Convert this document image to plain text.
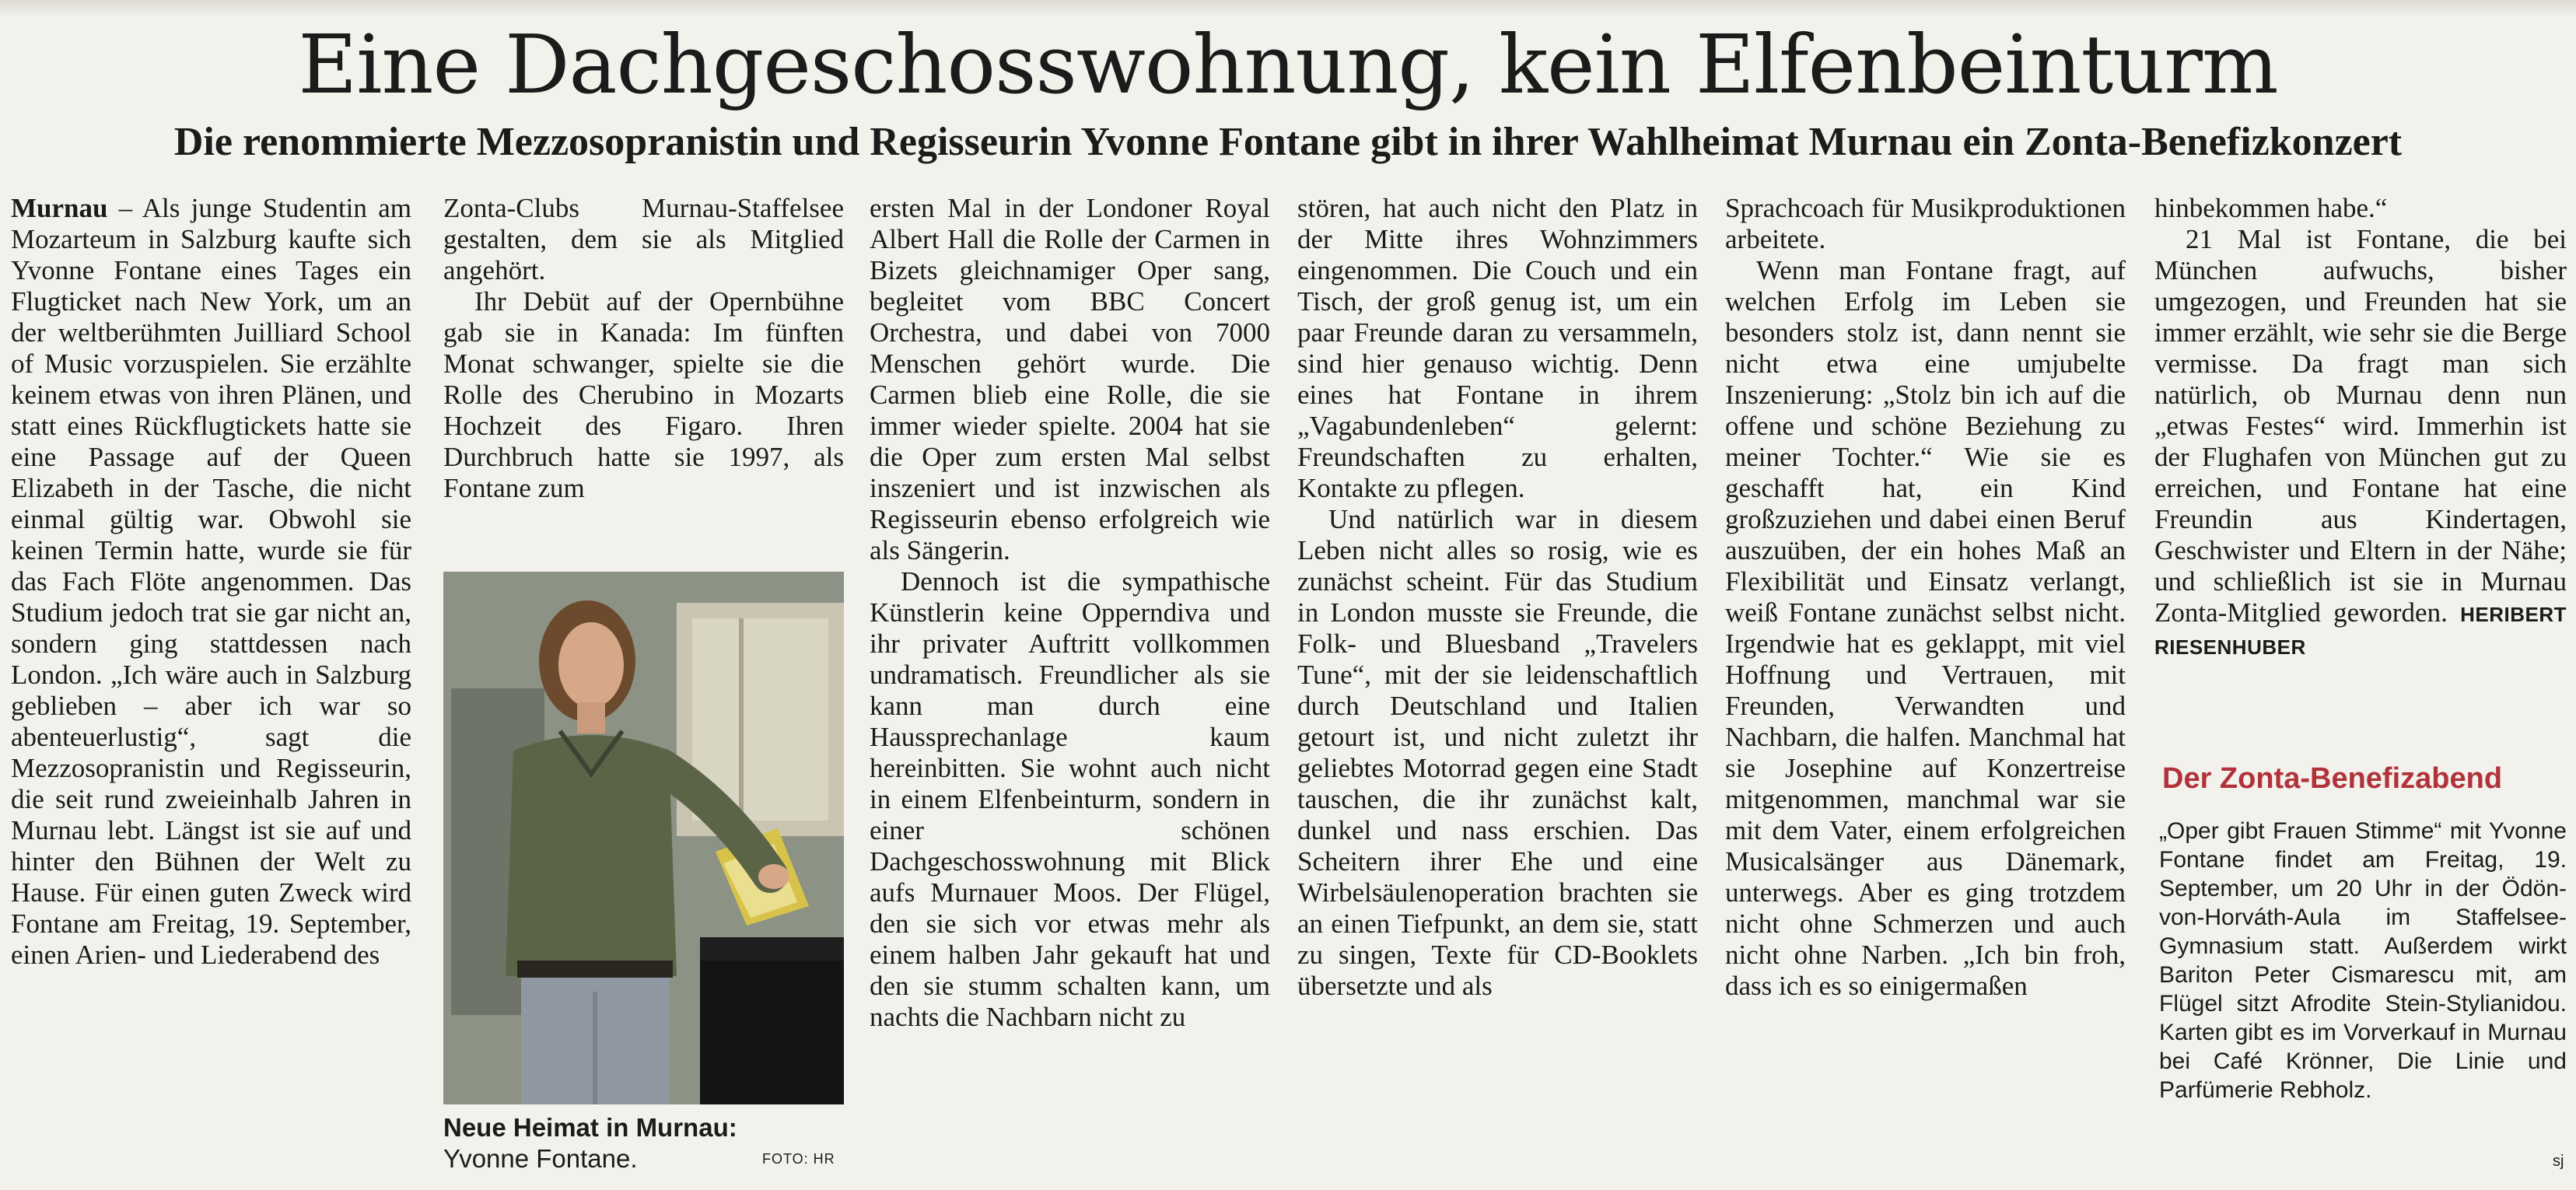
Eine Dachgeschosswohnung, kein Elfenbeinturm
Die renommierte Mezzosopranistin und Regisseurin Yvonne Fontane gibt in ihrer Wahlheimat Murnau ein Zonta-Benefizkonzert

Murnau – Als junge Studentin am Mozarteum in Salzburg kaufte sich Yvonne Fontane eines Tages ein Flugticket nach New York, um an der weltberühmten Juilliard School of Music vorzuspielen. Sie erzählte keinem etwas von ihren Plänen, und statt eines Rückflugtickets hatte sie eine Passage auf der Queen Elizabeth in der Tasche, die nicht einmal gültig war. Obwohl sie keinen Termin hatte, wurde sie für das Fach Flöte angenommen. Das Studium jedoch trat sie gar nicht an, sondern ging stattdessen nach London. „Ich wäre auch in Salzburg geblieben – aber ich war so abenteuerlustig“, sagt die Mezzosopranistin und Regisseurin, die seit rund zweieinhalb Jahren in Murnau lebt. Längst ist sie auf und hinter den Bühnen der Welt zu Hause. Für einen guten Zweck wird Fontane am Freitag, 19. September, einen Arien- und Liederabend des

Zonta-Clubs Murnau-Staffelsee gestalten, dem sie als Mitglied angehört.

Ihr Debüt auf der Opernbühne gab sie in Kanada: Im fünften Monat schwanger, spielte sie die Rolle des Cherubino in Mozarts Hochzeit des Figaro. Ihren Durchbruch hatte sie 1997, als Fontane zum

Neue Heimat in Murnau:
Yvonne Fontane.	FOTO: HR

ersten Mal in der Londoner Royal Albert Hall die Rolle der Carmen in Bizets gleichnamiger Oper sang, begleitet vom BBC Concert Orchestra, und dabei von 7000 Menschen gehört wurde. Die Carmen blieb eine Rolle, die sie immer wieder spielte. 2004 hat sie die Oper zum ersten Mal selbst inszeniert und ist inzwischen als Regisseurin ebenso erfolgreich wie als Sängerin.

Dennoch ist die sympathische Künstlerin keine Opperndiva und ihr privater Auftritt vollkommen undramatisch. Freundlicher als sie kann man durch eine Haussprechanlage kaum hereinbitten. Sie wohnt auch nicht in einem Elfenbeinturm, sondern in einer schönen Dachgeschosswohnung mit Blick aufs Murnauer Moos. Der Flügel, den sie sich vor etwas mehr als einem halben Jahr gekauft hat und den sie stumm schalten kann, um nachts die Nachbarn nicht zu

stören, hat auch nicht den Platz in der Mitte ihres Wohnzimmers eingenommen. Die Couch und ein Tisch, der groß genug ist, um ein paar Freunde daran zu versammeln, sind hier genauso wichtig. Denn eines hat Fontane in ihrem „Vagabundenleben“ gelernt: Freundschaften zu erhalten, Kontakte zu pflegen.

Und natürlich war in diesem Leben nicht alles so rosig, wie es zunächst scheint. Für das Studium in London musste sie Freunde, die Folk- und Bluesband „Travelers Tune“, mit der sie leidenschaftlich durch Deutschland und Italien getourt ist, und nicht zuletzt ihr geliebtes Motorrad gegen eine Stadt tauschen, die ihr zunächst kalt, dunkel und nass erschien. Das Scheitern ihrer Ehe und eine Wirbelsäulenoperation brachten sie an einen Tiefpunkt, an dem sie, statt zu singen, Texte für CD-Booklets übersetzte und als

Sprachcoach für Musikproduktionen arbeitete.

Wenn man Fontane fragt, auf welchen Erfolg im Leben sie besonders stolz ist, dann nennt sie nicht etwa eine umjubelte Inszenierung: „Stolz bin ich auf die offene und schöne Beziehung zu meiner Tochter.“ Wie sie es geschafft hat, ein Kind großzuziehen und dabei einen Beruf auszuüben, der ein hohes Maß an Flexibilität und Einsatz verlangt, weiß Fontane zunächst selbst nicht. Irgendwie hat es geklappt, mit viel Hoffnung und Vertrauen, mit Freunden, Verwandten und Nachbarn, die halfen. Manchmal hat sie Josephine auf Konzertreise mitgenommen, manchmal war sie mit dem Vater, einem erfolgreichen Musicalsänger aus Dänemark, unterwegs. Aber es ging trotzdem nicht ohne Schmerzen und auch nicht ohne Narben. „Ich bin froh, dass ich es so einigermaßen

hinbekommen habe.“

21 Mal ist Fontane, die bei München aufwuchs, bisher umgezogen, und Freunden hat sie immer erzählt, wie sehr sie die Berge vermisse. Da fragt man sich natürlich, ob Murnau denn nun „etwas Festes“ wird. Immerhin ist der Flughafen von München gut zu erreichen, und Fontane hat eine Freundin aus Kindertagen, Geschwister und Eltern in der Nähe; und schließlich ist sie in Murnau Zonta-Mitglied geworden. HERIBERT RIESENHUBER

Der Zonta-Benefizabend
„Oper gibt Frauen Stimme“ mit Yvonne Fontane findet am Freitag, 19. September, um 20 Uhr in der Ödön-von-Horváth-Aula im Staffelsee-Gymnasium statt. Außerdem wirkt Bariton Peter Cismarescu mit, am Flügel sitzt Afrodite Stein-Stylianidou. Karten gibt es im Vorverkauf in Murnau bei Café Krönner, Die Linie und Parfümerie Rebholz.
sj
